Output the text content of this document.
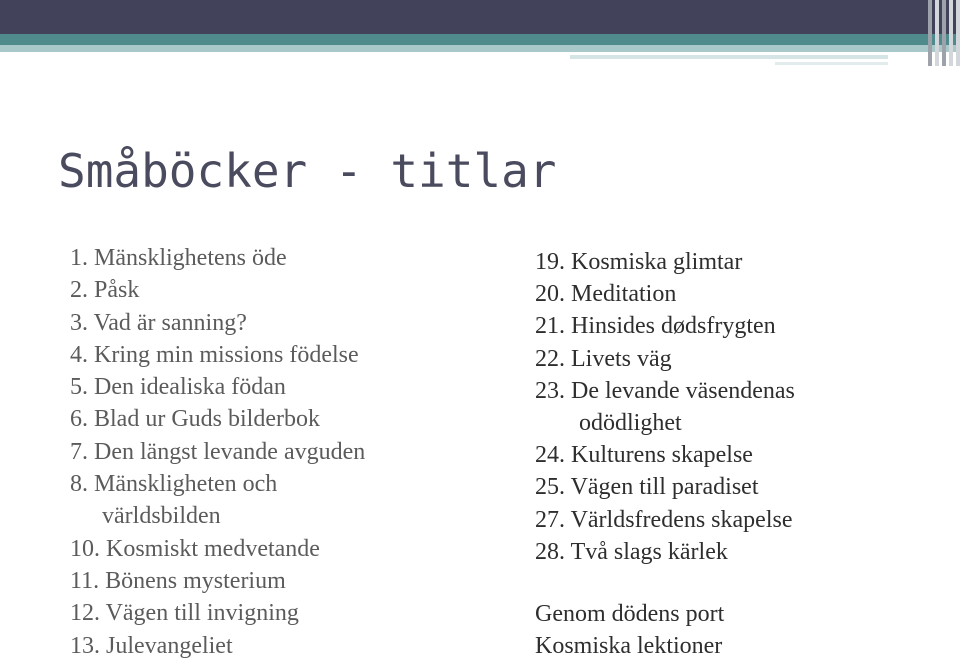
Småböcker - titlar
1. Mänsklighetens öde
2. Påsk
3. Vad är sanning?
4. Kring min missions födelse
5. Den idealiska födan
6. Blad ur Guds bilderbok
7. Den längst levande avguden
8. Mänskligheten och
världsbilden
10. Kosmiskt medvetande
11. Bönens mysterium
12. Vägen till invigning
13. Julevangeliet
19. Kosmiska glimtar
20. Meditation
21. Hinsides dødsfrygten
22. Livets väg
23. De levande väsendenas
odödlighet
24. Kulturens skapelse
25. Vägen till paradiset
27. Världsfredens skapelse
28. Två slags kärlek
Genom dödens port
Kosmiska lektioner
